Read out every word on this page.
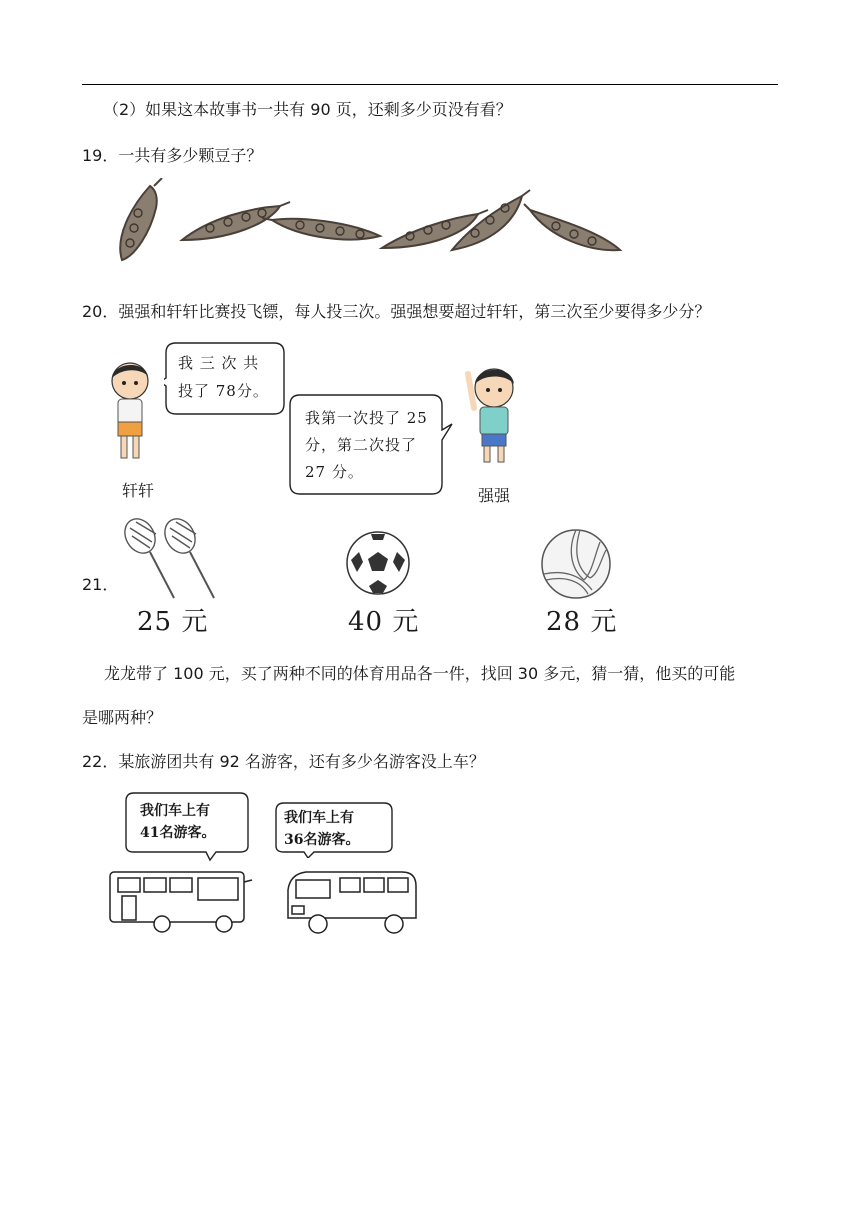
（2）如果这本故事书一共有 90 页，还剩多少页没有看？
19．一共有多少颗豆子？
20．强强和轩轩比赛投飞镖，每人投三次。强强想要超过轩轩，第三次至少要得多少分？
我 三 次 共
投了 78分。
轩轩
我第一次投了 25
分，第二次投了
27 分。
强强
21．
25 元	40 元	28 元
龙龙带了 100 元，买了两种不同的体育用品各一件，找回 30 多元，猜一猜，他买的可能
是哪两种？
22．某旅游团共有 92 名游客，还有多少名游客没上车？
我们车上有
41名游客。
我们车上有
36名游客。
